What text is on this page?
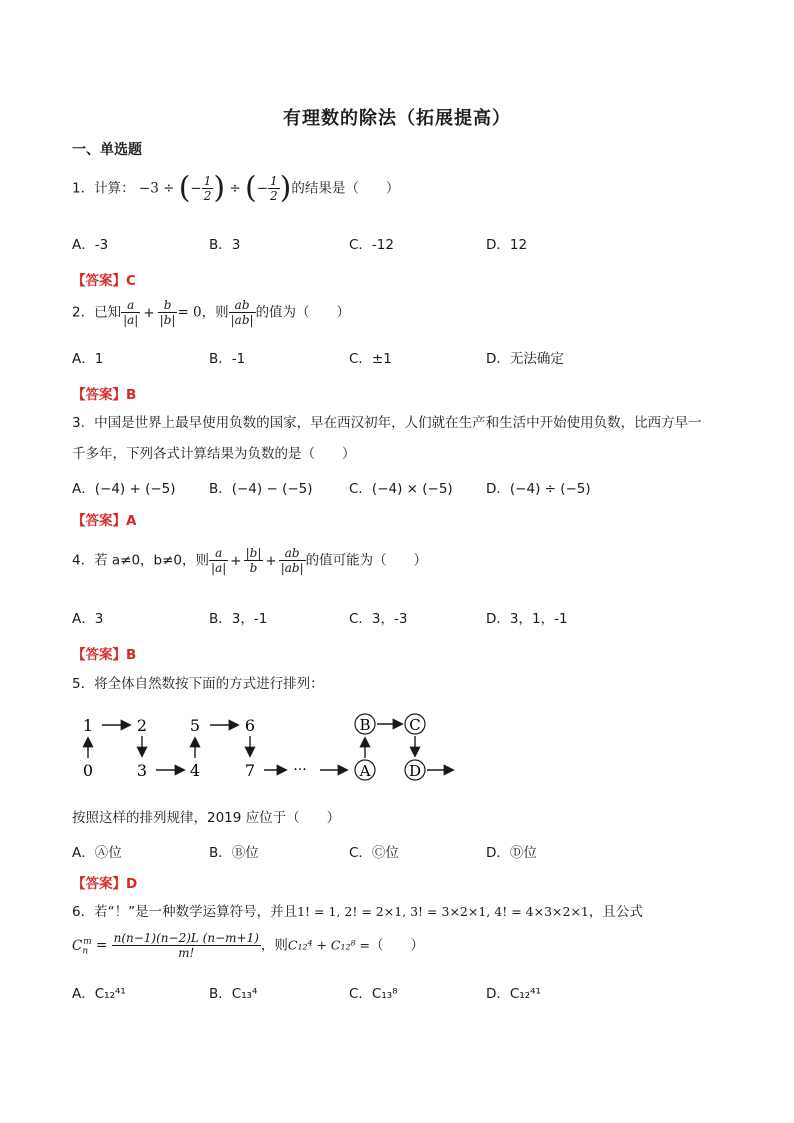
有理数的除法（拓展提高）
一、单选题
1．计算： −3 ÷ (− $\frac{1}{2}$ ) ÷ (− $\frac{1}{2}$ )的结果是（　　）
A．-3	B．3	C．-12	D．12
【答案】C
2．已知 $\frac{a}{|a|} + \frac{b}{|b|} = 0$，则 $\frac{ab}{|ab|}$ 的值为（　　）
A．1	B．-1	C．±1	D．无法确定
【答案】B
3．中国是世界上最早使用负数的国家，早在西汉初年，人们就在生产和生活中开始使用负数，比西方早一
千多年，下列各式计算结果为负数的是（　　）
A．(−4) + (−5) B．(−4) − (−5)	C．(−4) × (−5) D．(−4) ÷ (−5)
【答案】A
4．若 a≠0，b≠0，则 $\frac{a}{|a|} + \frac{|b|}{b} + \frac{ab}{|ab|}$ 的值可能为（　　）
A．3	B．3，-1	C．3，-3	D．3，1，-1
【答案】B
5．将全体自然数按下面的方式进行排列：
1	2	5	6
0	3	4	7	···
B	C
A	D
按照这样的排列规律，2019 应位于（　　）
A．Ⓐ位	B．Ⓑ位	C．Ⓒ位	D．Ⓓ位
【答案】D
6．若“！”是一种数学运算符号，并且1! = 1, 2! = 2×1, 3! = 3×2×1, 4! = 4×3×2×1，且公式
$C_n^m = \frac{n(n-1)(n-2)L (n-m+1)}{m!}$ ，则C₁₂⁴ + C₁₂⁸ =（　　）
A．C₁₂⁴¹	B．C₁₃⁴	C．C₁₃⁸	D．C₁₂⁴¹
